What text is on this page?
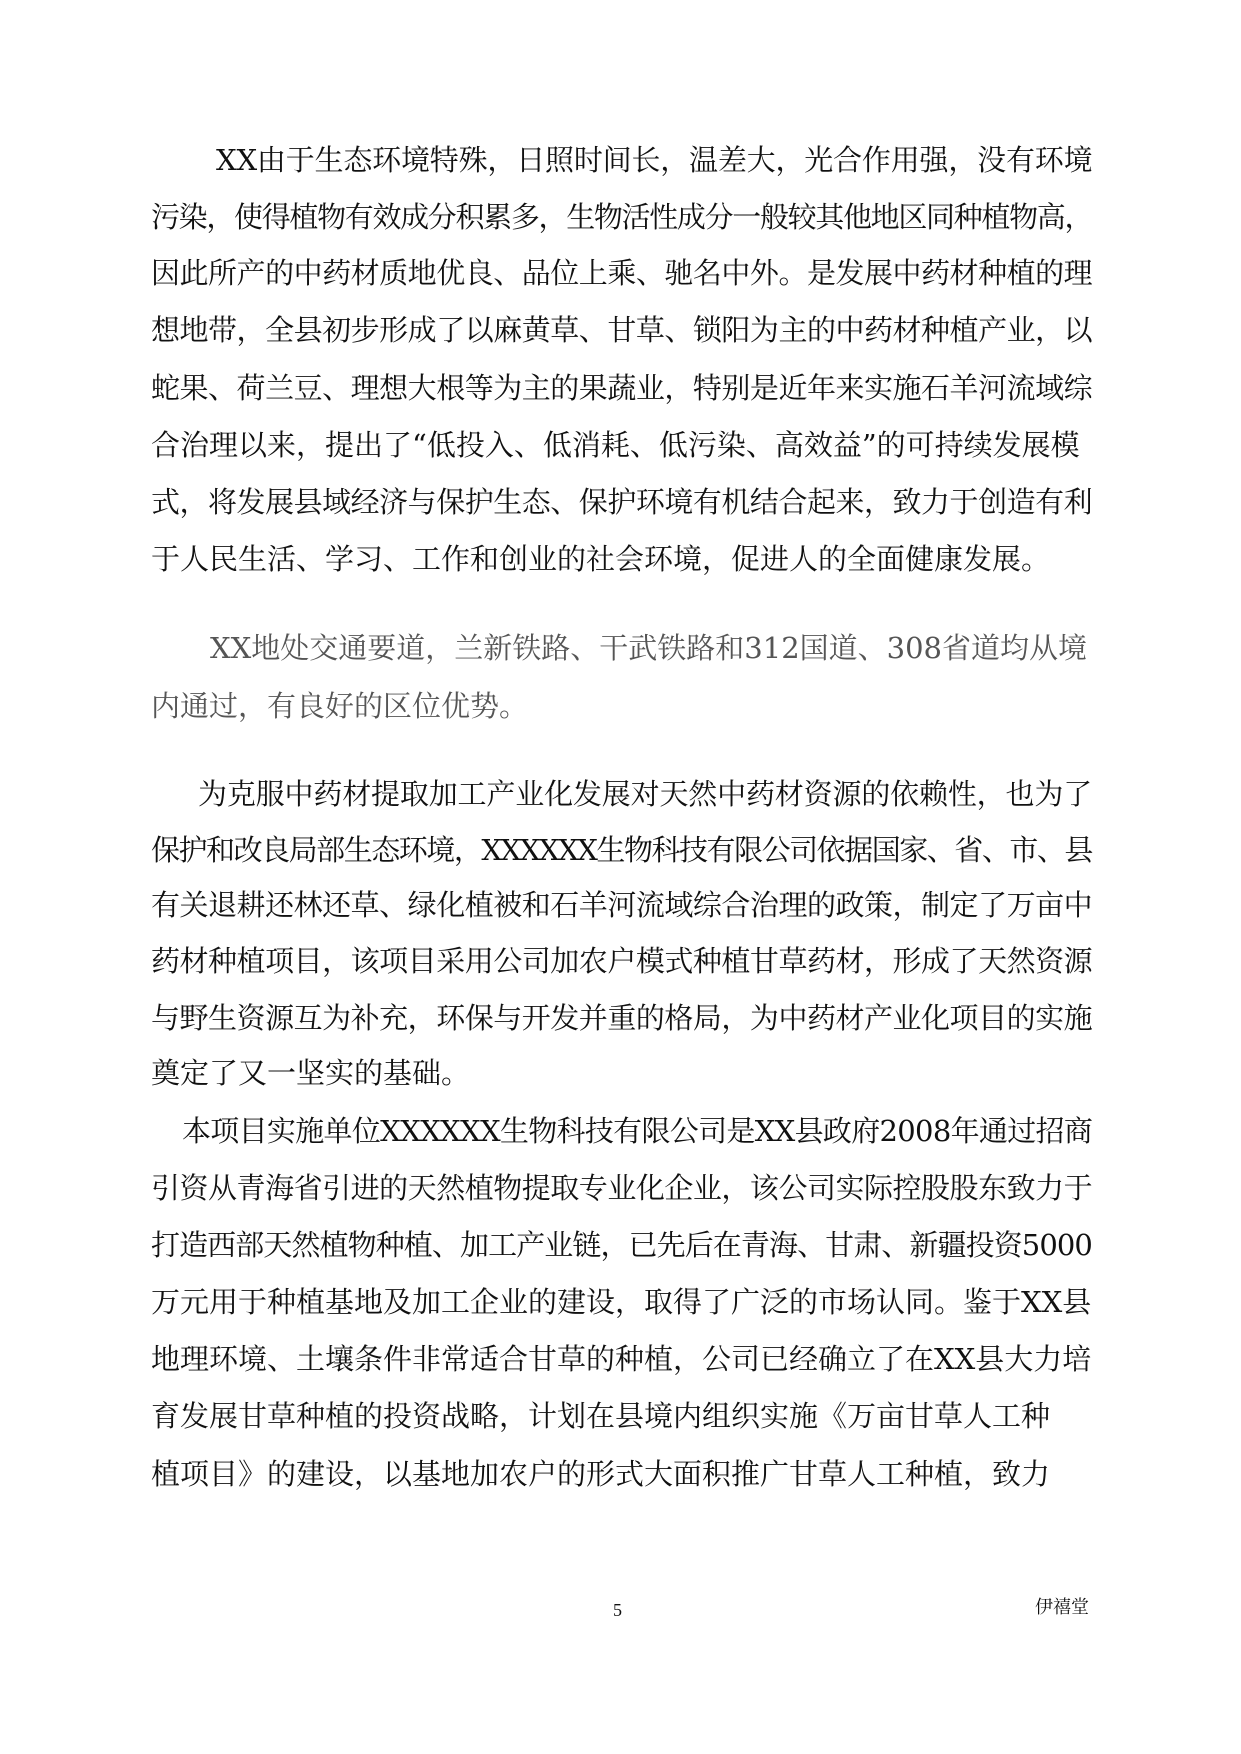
XX由于生态环境特殊，日照时间长，温差大，光合作用强，没有环境
污染，使得植物有效成分积累多，生物活性成分一般较其他地区同种植物高，
因此所产的中药材质地优良、品位上乘、驰名中外。是发展中药材种植的理
想地带，全县初步形成了以麻黄草、甘草、锁阳为主的中药材种植产业，以
蛇果、荷兰豆、理想大根等为主的果蔬业，特别是近年来实施石羊河流域综
合治理以来，提出了“低投入、低消耗、低污染、高效益”的可持续发展模
式，将发展县域经济与保护生态、保护环境有机结合起来，致力于创造有利
于人民生活、学习、工作和创业的社会环境，促进人的全面健康发展。
XX地处交通要道，兰新铁路、干武铁路和312国道、308省道均从境
内通过，有良好的区位优势。
为克服中药材提取加工产业化发展对天然中药材资源的依赖性，也为了
保护和改良局部生态环境，XXXXXX生物科技有限公司依据国家、省、市、县
有关退耕还林还草、绿化植被和石羊河流域综合治理的政策，制定了万亩中
药材种植项目，该项目采用公司加农户模式种植甘草药材，形成了天然资源
与野生资源互为补充，环保与开发并重的格局，为中药材产业化项目的实施
奠定了又一坚实的基础。
本项目实施单位XXXXXX生物科技有限公司是XX县政府2008年通过招商
引资从青海省引进的天然植物提取专业化企业，该公司实际控股股东致力于
打造西部天然植物种植、加工产业链，已先后在青海、甘肃、新疆投资5000
万元用于种植基地及加工企业的建设，取得了广泛的市场认同。鉴于XX县
地理环境、土壤条件非常适合甘草的种植，公司已经确立了在XX县大力培
育发展甘草种植的投资战略，计划在县境内组织实施《万亩甘草人工种
植项目》的建设，以基地加农户的形式大面积推广甘草人工种植，致力
5	伊禧堂
